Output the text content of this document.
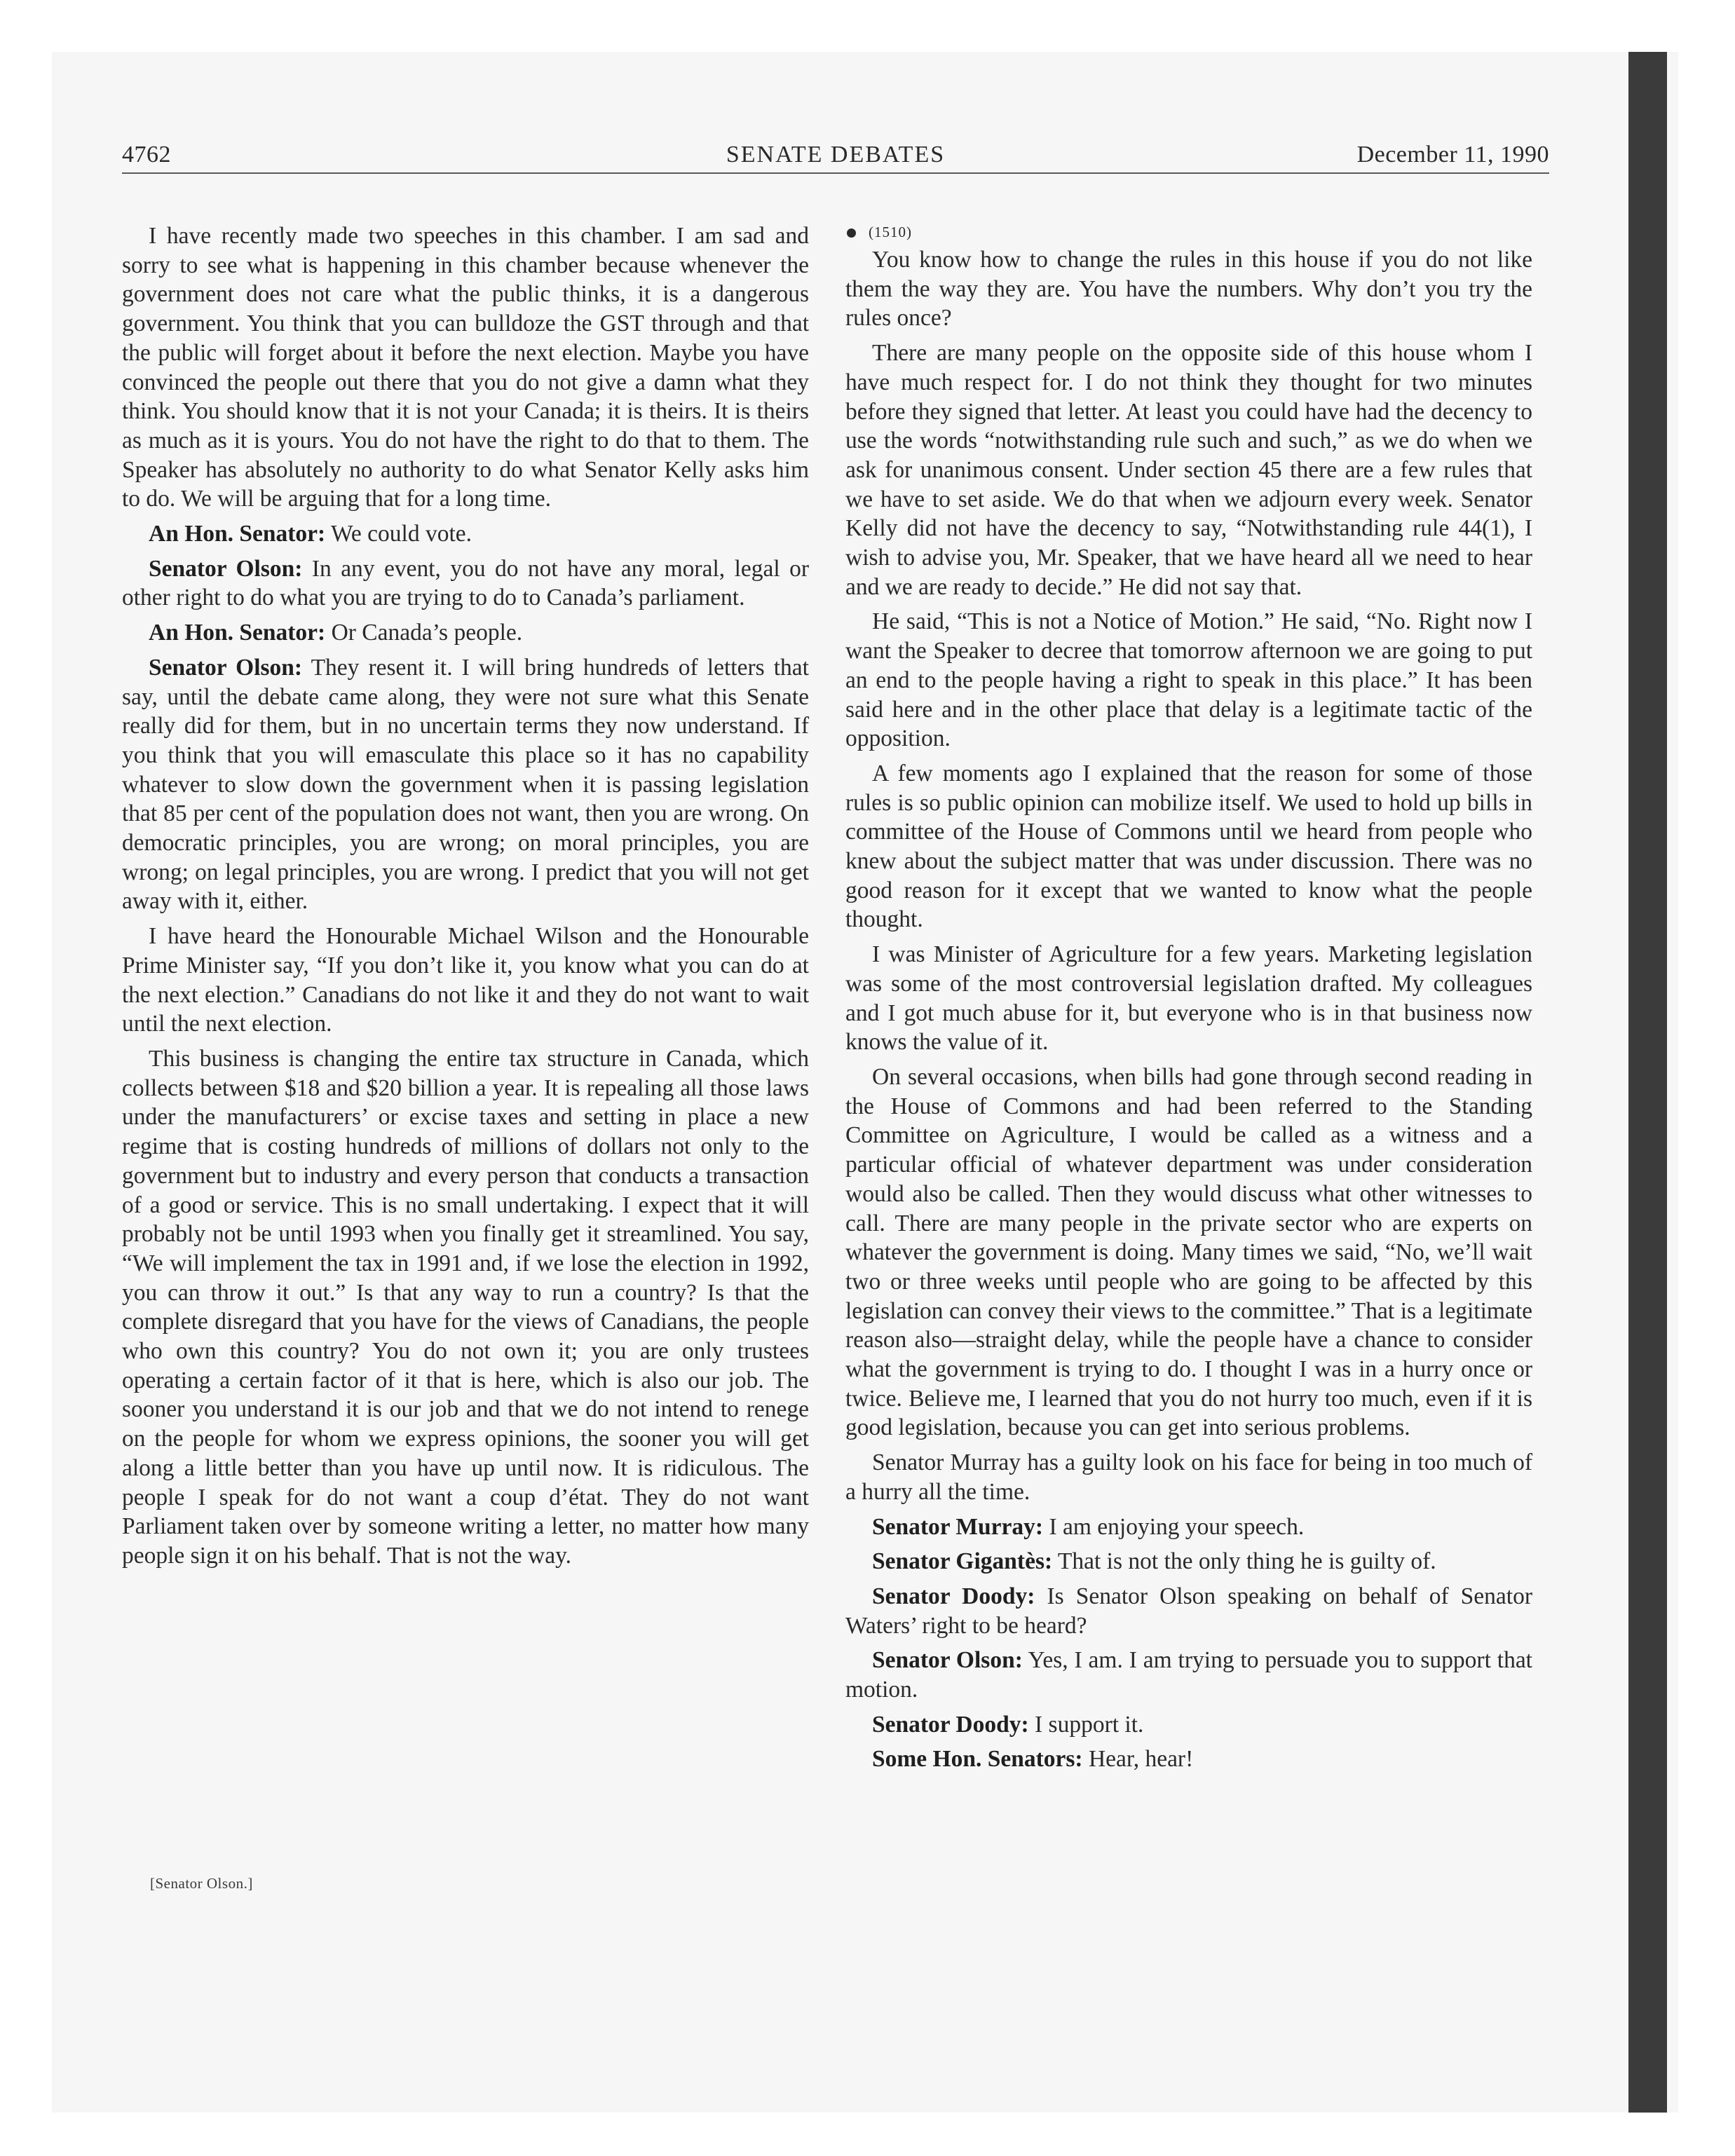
4762	SENATE DEBATES	December 11, 1990

I have recently made two speeches in this chamber. I am sad and sorry to see what is happening in this chamber because whenever the government does not care what the public thinks, it is a dangerous government. You think that you can bulldoze the GST through and that the public will forget about it before the next election. Maybe you have convinced the people out there that you do not give a damn what they think. You should know that it is not your Canada; it is theirs. It is theirs as much as it is yours. You do not have the right to do that to them. The Speaker has absolutely no authority to do what Senator Kelly asks him to do. We will be arguing that for a long time.

An Hon. Senator: We could vote.

Senator Olson: In any event, you do not have any moral, legal or other right to do what you are trying to do to Canada’s parliament.

An Hon. Senator: Or Canada’s people.

Senator Olson: They resent it. I will bring hundreds of letters that say, until the debate came along, they were not sure what this Senate really did for them, but in no uncertain terms they now understand. If you think that you will emasculate this place so it has no capability whatever to slow down the government when it is passing legislation that 85 per cent of the population does not want, then you are wrong. On democratic principles, you are wrong; on moral principles, you are wrong; on legal principles, you are wrong. I predict that you will not get away with it, either.

I have heard the Honourable Michael Wilson and the Honourable Prime Minister say, “If you don’t like it, you know what you can do at the next election.” Canadians do not like it and they do not want to wait until the next election.

This business is changing the entire tax structure in Canada, which collects between $18 and $20 billion a year. It is repealing all those laws under the manufacturers’ or excise taxes and setting in place a new regime that is costing hundreds of millions of dollars not only to the government but to industry and every person that conducts a transaction of a good or service. This is no small undertaking. I expect that it will probably not be until 1993 when you finally get it streamlined. You say, “We will implement the tax in 1991 and, if we lose the election in 1992, you can throw it out.” Is that any way to run a country? Is that the complete disregard that you have for the views of Canadians, the people who own this country? You do not own it; you are only trustees operating a certain factor of it that is here, which is also our job. The sooner you understand it is our job and that we do not intend to renege on the people for whom we express opinions, the sooner you will get along a little better than you have up until now. It is ridiculous. The people I speak for do not want a coup d’état. They do not want Parliament taken over by someone writing a letter, no matter how many people sign it on his behalf. That is not the way.

(1510)

You know how to change the rules in this house if you do not like them the way they are. You have the numbers. Why don’t you try the rules once?

There are many people on the opposite side of this house whom I have much respect for. I do not think they thought for two minutes before they signed that letter. At least you could have had the decency to use the words “notwithstanding rule such and such,” as we do when we ask for unanimous consent. Under section 45 there are a few rules that we have to set aside. We do that when we adjourn every week. Senator Kelly did not have the decency to say, “Notwithstanding rule 44(1), I wish to advise you, Mr. Speaker, that we have heard all we need to hear and we are ready to decide.” He did not say that.

He said, “This is not a Notice of Motion.” He said, “No. Right now I want the Speaker to decree that tomorrow afternoon we are going to put an end to the people having a right to speak in this place.” It has been said here and in the other place that delay is a legitimate tactic of the opposition.

A few moments ago I explained that the reason for some of those rules is so public opinion can mobilize itself. We used to hold up bills in committee of the House of Commons until we heard from people who knew about the subject matter that was under discussion. There was no good reason for it except that we wanted to know what the people thought.

I was Minister of Agriculture for a few years. Marketing legislation was some of the most controversial legislation drafted. My colleagues and I got much abuse for it, but everyone who is in that business now knows the value of it.

On several occasions, when bills had gone through second reading in the House of Commons and had been referred to the Standing Committee on Agriculture, I would be called as a witness and a particular official of whatever department was under consideration would also be called. Then they would discuss what other witnesses to call. There are many people in the private sector who are experts on whatever the government is doing. Many times we said, “No, we’ll wait two or three weeks until people who are going to be affected by this legislation can convey their views to the committee.” That is a legitimate reason also—straight delay, while the people have a chance to consider what the government is trying to do. I thought I was in a hurry once or twice. Believe me, I learned that you do not hurry too much, even if it is good legislation, because you can get into serious problems.

Senator Murray has a guilty look on his face for being in too much of a hurry all the time.

Senator Murray: I am enjoying your speech.

Senator Gigantès: That is not the only thing he is guilty of.

Senator Doody: Is Senator Olson speaking on behalf of Senator Waters’ right to be heard?

Senator Olson: Yes, I am. I am trying to persuade you to support that motion.

Senator Doody: I support it.

Some Hon. Senators: Hear, hear!

[Senator Olson.]
